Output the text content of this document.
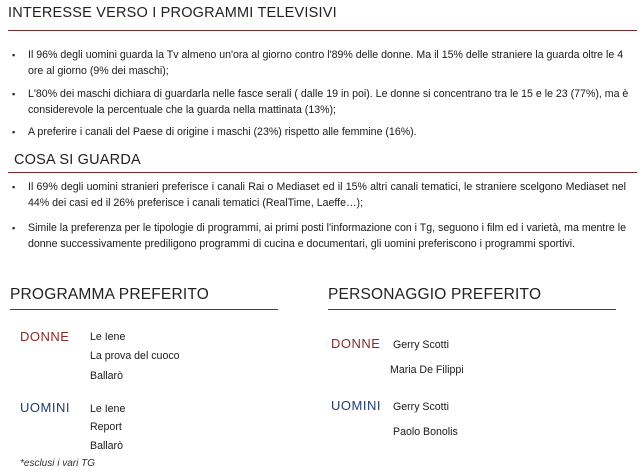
INTERESSE VERSO I PROGRAMMI TELEVISIVI
▪ Il 96% degli uomini guarda la Tv almeno un'ora al giorno contro l'89% delle donne. Ma il 15% delle straniere la guarda oltre le 4 ore al giorno (9% dei maschi);
▪ L'80% dei maschi dichiara di guardarla nelle fasce serali ( dalle 19 in poi). Le donne si concentrano tra le 15 e le 23 (77%), ma è considerevole la percentuale che la guarda nella mattinata (13%);
▪ A preferire i canali del Paese di origine i maschi (23%) rispetto alle femmine (16%).
COSA SI GUARDA
▪ Il 69% degli uomini stranieri preferisce i canali Rai o Mediaset ed il 15% altri canali tematici, le straniere scelgono Mediaset nel 44% dei casi ed il 26% preferisce i canali tematici (RealTime, Laeffe…);
▪ Simile la preferenza per le tipologie di programmi, ai primi posti l'informazione con i Tg, seguono i film ed i varietà, ma mentre le donne successivamente prediligono programmi di cucina e documentari, gli uomini preferiscono i programmi sportivi.
PROGRAMMA PREFERITO
DONNE Le Iene
La prova del cuoco
Ballarò
UOMINI Le Iene
Report
Ballarò
*esclusi i vari TG
PERSONAGGIO PREFERITO
DONNE Gerry Scotti
Maria De Filippi
UOMINI Gerry Scotti
Paolo Bonolis
